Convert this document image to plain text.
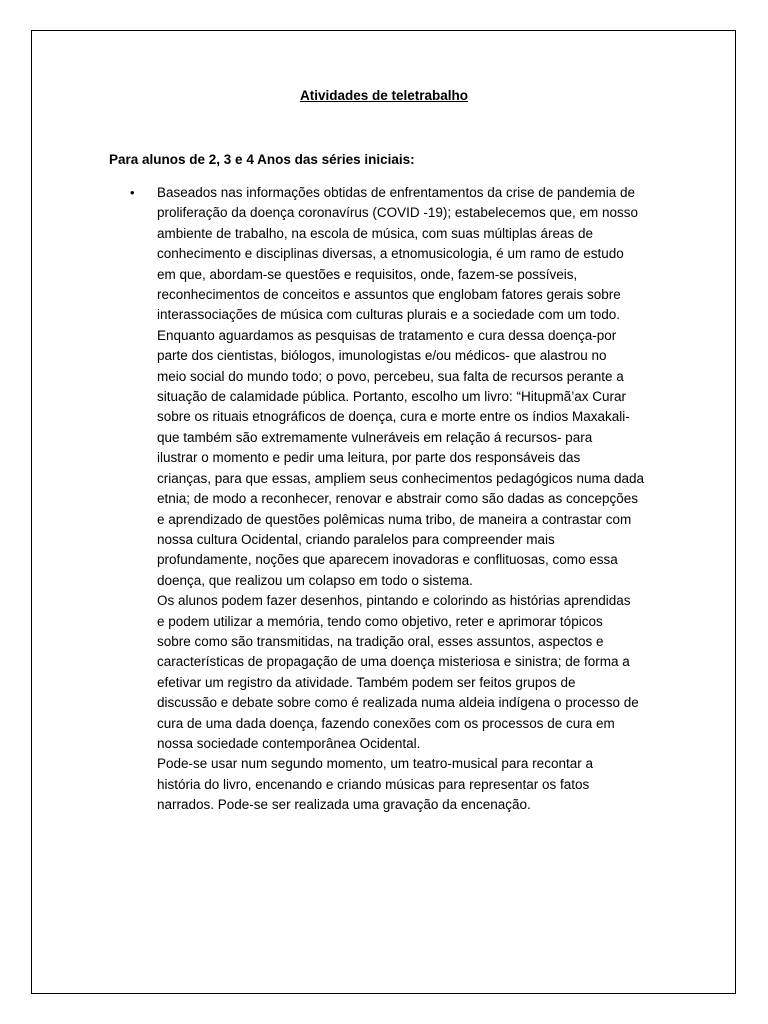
Atividades de teletrabalho
Para alunos de 2, 3 e 4 Anos das séries iniciais:
• Baseados nas informações obtidas de enfrentamentos da crise de pandemia de
proliferação da doença coronavírus (COVID -19); estabelecemos que, em nosso
ambiente de trabalho, na escola de música, com suas múltiplas áreas de
conhecimento e disciplinas diversas, a etnomusicologia, é um ramo de estudo
em que, abordam-se questões e requisitos, onde, fazem-se possíveis,
reconhecimentos de conceitos e assuntos que englobam fatores gerais sobre
interassociações de música com culturas plurais e a sociedade com um todo.
Enquanto aguardamos as pesquisas de tratamento e cura dessa doença-por
parte dos cientistas, biólogos, imunologistas e/ou médicos- que alastrou no
meio social do mundo todo; o povo, percebeu, sua falta de recursos perante a
situação de calamidade pública. Portanto, escolho um livro: “Hitupmã’ax Curar
sobre os rituais etnográficos de doença, cura e morte entre os índios Maxakali-
que também são extremamente vulneráveis em relação á recursos- para
ilustrar o momento e pedir uma leitura, por parte dos responsáveis das
crianças, para que essas, ampliem seus conhecimentos pedagógicos numa dada
etnia; de modo a reconhecer, renovar e abstrair como são dadas as concepções
e aprendizado de questões polêmicas numa tribo, de maneira a contrastar com
nossa cultura Ocidental, criando paralelos para compreender mais
profundamente, noções que aparecem inovadoras e conflituosas, como essa
doença, que realizou um colapso em todo o sistema.
Os alunos podem fazer desenhos, pintando e colorindo as histórias aprendidas
e podem utilizar a memória, tendo como objetivo, reter e aprimorar tópicos
sobre como são transmitidas, na tradição oral, esses assuntos, aspectos e
características de propagação de uma doença misteriosa e sinistra; de forma a
efetivar um registro da atividade. Também podem ser feitos grupos de
discussão e debate sobre como é realizada numa aldeia indígena o processo de
cura de uma dada doença, fazendo conexões com os processos de cura em
nossa sociedade contemporânea Ocidental.
Pode-se usar num segundo momento, um teatro-musical para recontar a
história do livro, encenando e criando músicas para representar os fatos
narrados. Pode-se ser realizada uma gravação da encenação.
